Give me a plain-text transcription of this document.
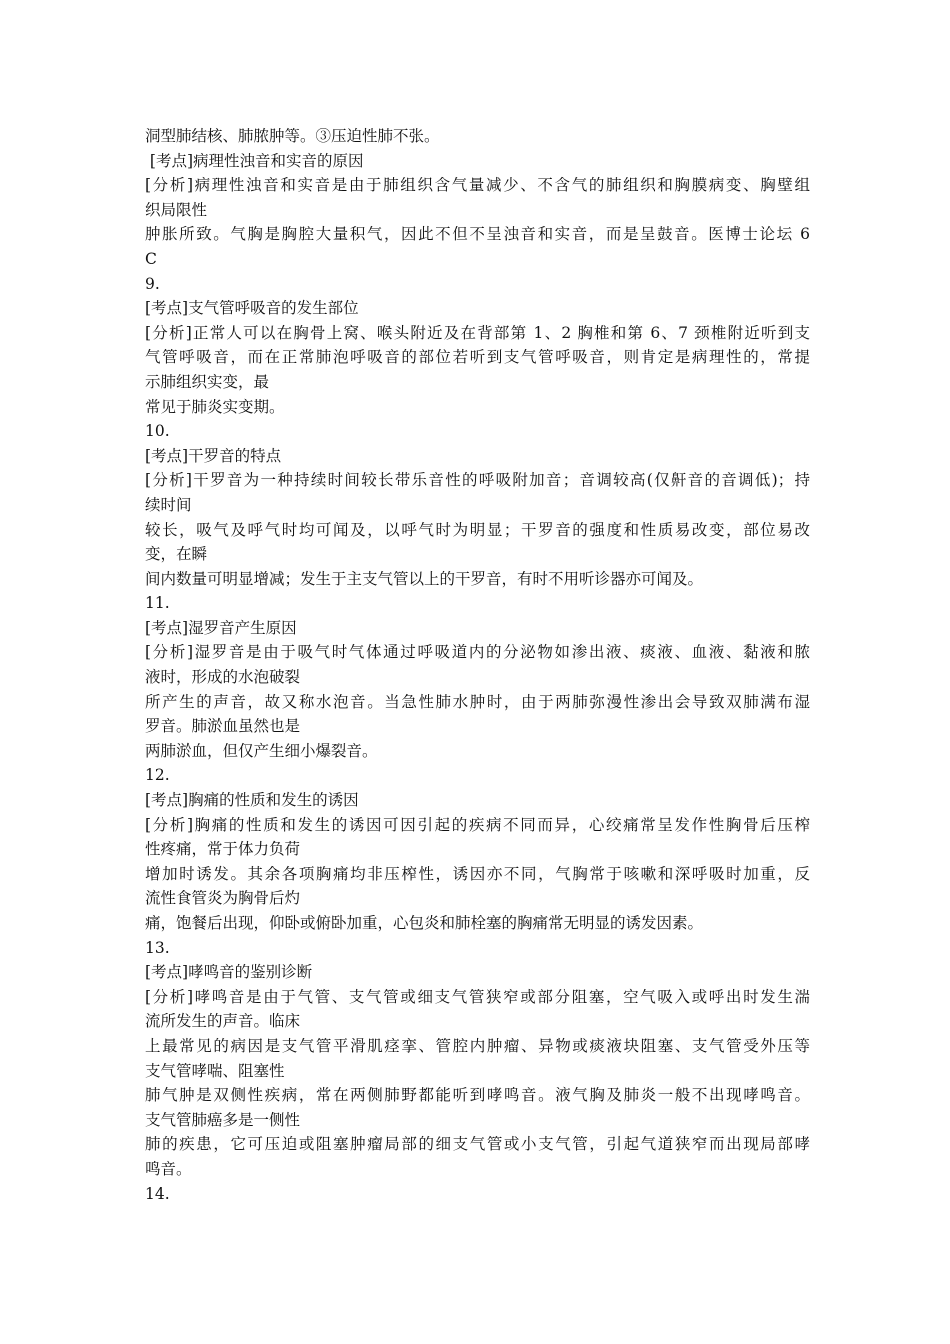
洞型肺结核、肺脓肿等。③压迫性肺不张。

[考点]病理性浊音和实音的原因

[分析]病理性浊音和实音是由于肺组织含气量减少、不含气的肺组织和胸膜病变、胸壁组

织局限性

肿胀所致。气胸是胸腔大量积气，因此不但不呈浊音和实音，而是呈鼓音。医博士论坛 6

C

9.

[考点]支气管呼吸音的发生部位

[分析]正常人可以在胸骨上窝、喉头附近及在背部第 1、2 胸椎和第 6、7 颈椎附近听到支

气管呼吸音，而在正常肺泡呼吸音的部位若听到支气管呼吸音，则肯定是病理性的，常提

示肺组织实变，最

常见于肺炎实变期。

10.

[考点]干罗音的特点

[分析]干罗音为一种持续时间较长带乐音性的呼吸附加音；音调较高(仅鼾音的音调低)；持

续时间

较长，吸气及呼气时均可闻及，以呼气时为明显；干罗音的强度和性质易改变，部位易改

变，在瞬

间内数量可明显增减；发生于主支气管以上的干罗音，有时不用听诊器亦可闻及。

11.

[考点]湿罗音产生原因

[分析]湿罗音是由于吸气时气体通过呼吸道内的分泌物如渗出液、痰液、血液、黏液和脓

液时，形成的水泡破裂

所产生的声音，故又称水泡音。当急性肺水肿时，由于两肺弥漫性渗出会导致双肺满布湿

罗音。肺淤血虽然也是

两肺淤血，但仅产生细小爆裂音。

12.

[考点]胸痛的性质和发生的诱因

[分析]胸痛的性质和发生的诱因可因引起的疾病不同而异，心绞痛常呈发作性胸骨后压榨

性疼痛，常于体力负荷

增加时诱发。其余各项胸痛均非压榨性，诱因亦不同，气胸常于咳嗽和深呼吸时加重，反

流性食管炎为胸骨后灼

痛，饱餐后出现，仰卧或俯卧加重，心包炎和肺栓塞的胸痛常无明显的诱发因素。

13.

[考点]哮鸣音的鉴别诊断

[分析]哮鸣音是由于气管、支气管或细支气管狭窄或部分阻塞，空气吸入或呼出时发生湍

流所发生的声音。临床

上最常见的病因是支气管平滑肌痉挛、管腔内肿瘤、异物或痰液块阻塞、支气管受外压等

支气管哮喘、阻塞性

肺气肿是双侧性疾病，常在两侧肺野都能听到哮鸣音。液气胸及肺炎一般不出现哮鸣音。

支气管肺癌多是一侧性

肺的疾患，它可压迫或阻塞肿瘤局部的细支气管或小支气管，引起气道狭窄而出现局部哮

鸣音。

14.
